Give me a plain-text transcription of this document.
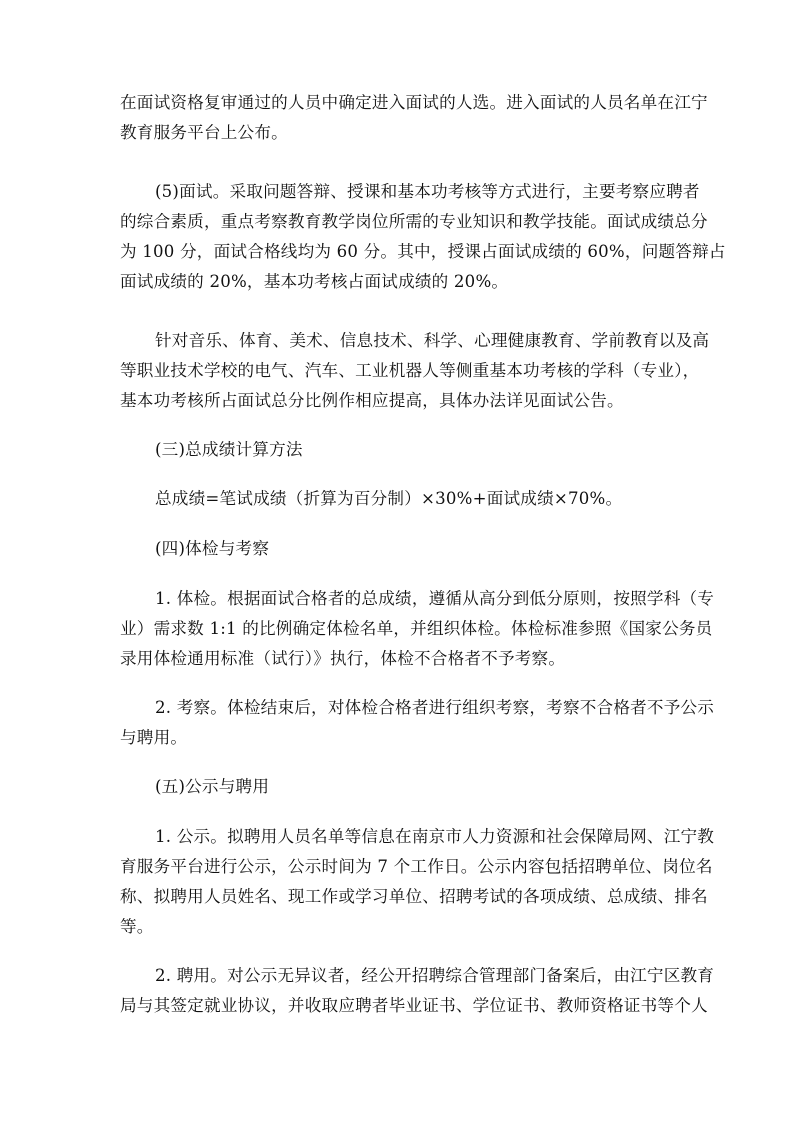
在面试资格复审通过的人员中确定进入面试的人选。进入面试的人员名单在江宁
教育服务平台上公布。
(5)面试。采取问题答辩、授课和基本功考核等方式进行，主要考察应聘者
的综合素质，重点考察教育教学岗位所需的专业知识和教学技能。面试成绩总分
为 100 分，面试合格线均为 60 分。其中，授课占面试成绩的 60%，问题答辩占
面试成绩的 20%，基本功考核占面试成绩的 20%。
针对音乐、体育、美术、信息技术、科学、心理健康教育、学前教育以及高
等职业技术学校的电气、汽车、工业机器人等侧重基本功考核的学科（专业），
基本功考核所占面试总分比例作相应提高，具体办法详见面试公告。
(三)总成绩计算方法
总成绩=笔试成绩（折算为百分制）×30%+面试成绩×70%。
(四)体检与考察
1. 体检。根据面试合格者的总成绩，遵循从高分到低分原则，按照学科（专
业）需求数 1:1 的比例确定体检名单，并组织体检。体检标准参照《国家公务员
录用体检通用标准（试行）》执行，体检不合格者不予考察。
2. 考察。体检结束后，对体检合格者进行组织考察，考察不合格者不予公示
与聘用。
(五)公示与聘用
1. 公示。拟聘用人员名单等信息在南京市人力资源和社会保障局网、江宁教
育服务平台进行公示，公示时间为 7 个工作日。公示内容包括招聘单位、岗位名
称、拟聘用人员姓名、现工作或学习单位、招聘考试的各项成绩、总成绩、排名
等。
2. 聘用。对公示无异议者，经公开招聘综合管理部门备案后，由江宁区教育
局与其签定就业协议，并收取应聘者毕业证书、学位证书、教师资格证书等个人
